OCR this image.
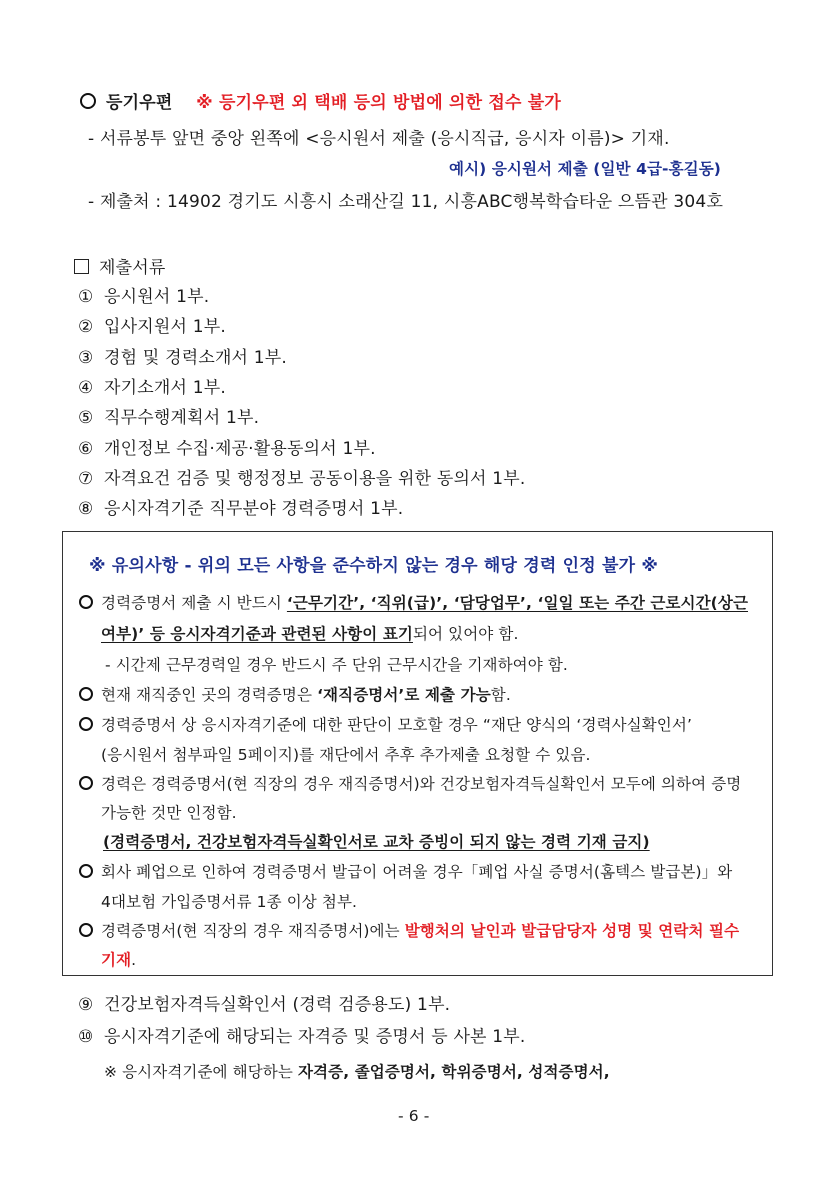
등기우편 ※ 등기우편 외 택배 등의 방법에 의한 접수 불가
- 서류봉투 앞면 중앙 왼쪽에 <응시원서 제출 (응시직급, 응시자 이름)> 기재.
예시) 응시원서 제출 (일반 4급-홍길동)
- 제출처 : 14902 경기도 시흥시 소래산길 11, 시흥ABC행복학습타운 으뜸관 304호
제출서류
① 응시원서 1부.
② 입사지원서 1부.
③ 경험 및 경력소개서 1부.
④ 자기소개서 1부.
⑤ 직무수행계획서 1부.
⑥ 개인정보 수집·제공·활용동의서 1부.
⑦ 자격요건 검증 및 행정정보 공동이용을 위한 동의서 1부.
⑧ 응시자격기준 직무분야 경력증명서 1부.
※ 유의사항 - 위의 모든 사항을 준수하지 않는 경우 해당 경력 인정 불가 ※
경력증명서 제출 시 반드시 ‘근무기간’, ‘직위(급)’, ‘담당업무’, ‘일일 또는 주간 근로시간(상근
여부)’ 등 응시자격기준과 관련된 사항이 표기되어 있어야 함.
- 시간제 근무경력일 경우 반드시 주 단위 근무시간을 기재하여야 함.
현재 재직중인 곳의 경력증명은 ‘재직증명서’로 제출 가능함.
경력증명서 상 응시자격기준에 대한 판단이 모호할 경우 “재단 양식의 ‘경력사실확인서’
(응시원서 첨부파일 5페이지)를 재단에서 추후 추가제출 요청할 수 있음.
경력은 경력증명서(현 직장의 경우 재직증명서)와 건강보험자격득실확인서 모두에 의하여 증명
가능한 것만 인정함.
(경력증명서, 건강보험자격득실확인서로 교차 증빙이 되지 않는 경력 기재 금지)
회사 폐업으로 인하여 경력증명서 발급이 어려울 경우「폐업 사실 증명서(홈텍스 발급본)」와
4대보험 가입증명서류 1종 이상 첨부.
경력증명서(현 직장의 경우 재직증명서)에는 발행처의 날인과 발급담당자 성명 및 연락처 필수
기재.
⑨ 건강보험자격득실확인서 (경력 검증용도) 1부.
⑩ 응시자격기준에 해당되는 자격증 및 증명서 등 사본 1부.
※ 응시자격기준에 해당하는 자격증, 졸업증명서, 학위증명서, 성적증명서,
- 6 -
